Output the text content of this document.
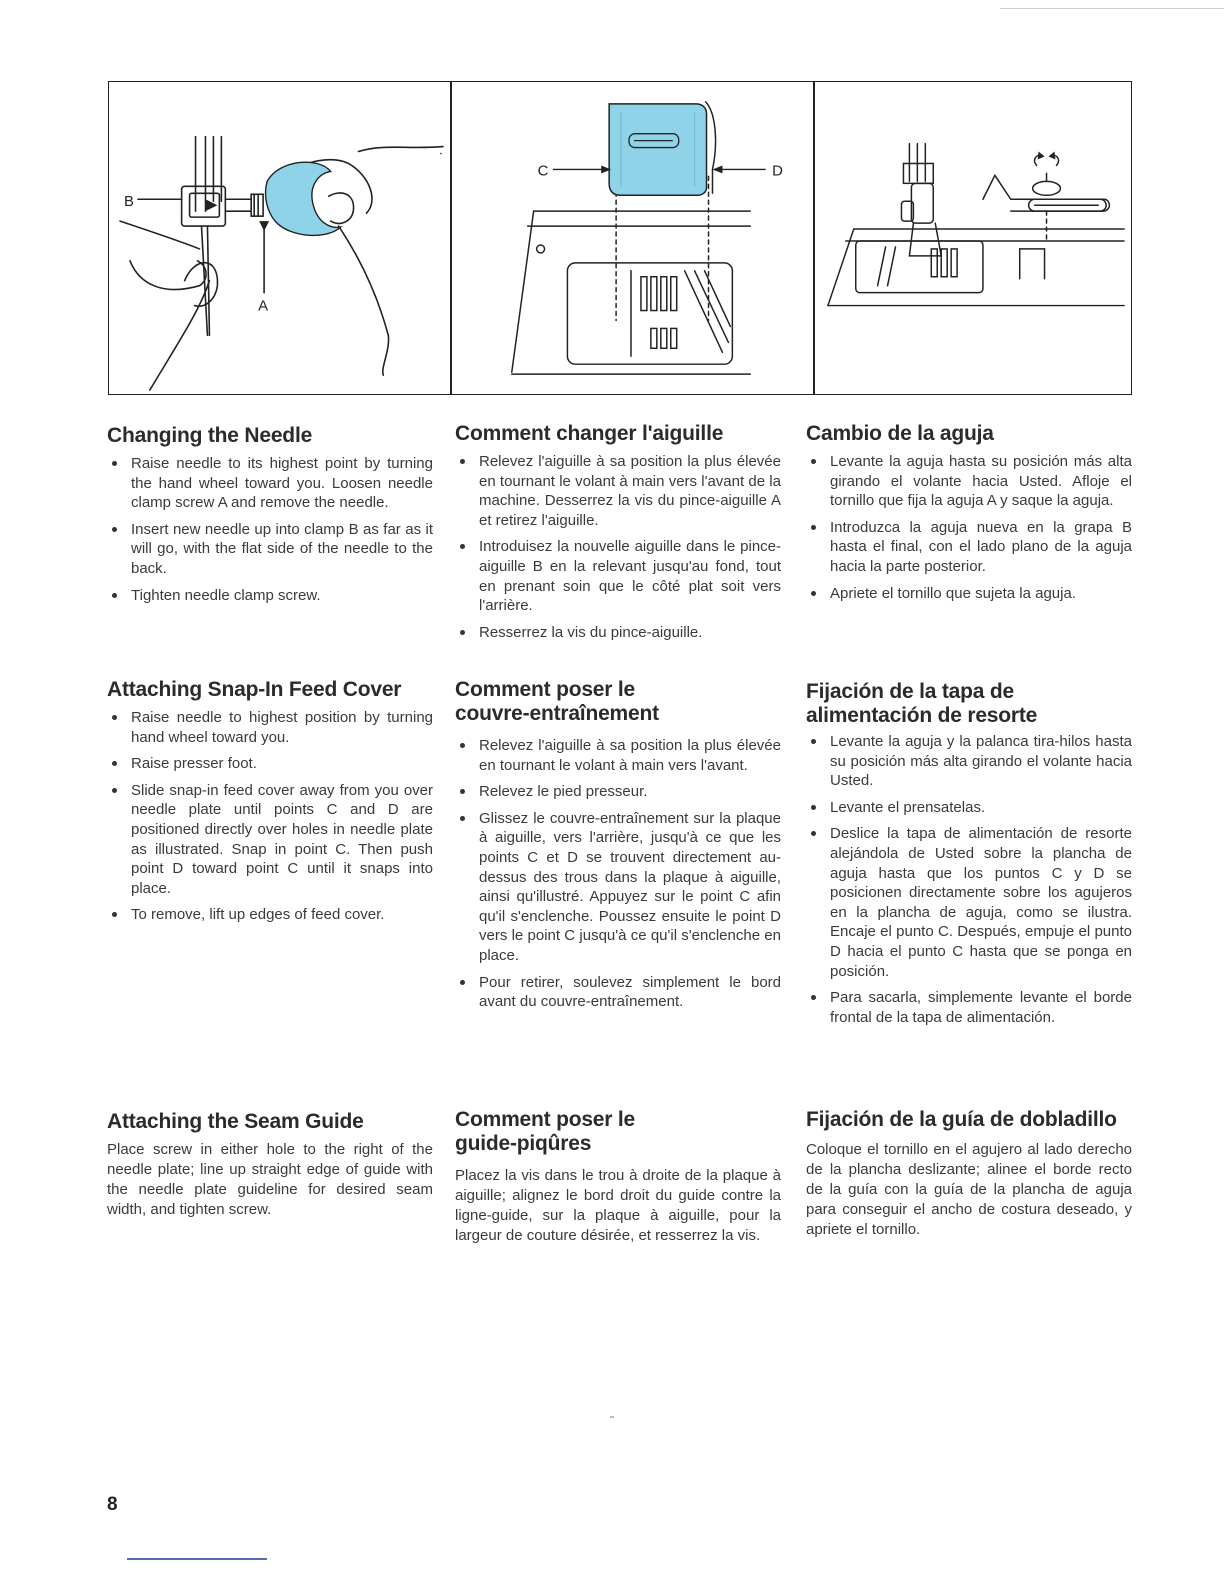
B
A
C	D
Changing the Needle
Raise needle to its highest point by turning the hand wheel toward you. Loosen needle clamp screw A and remove the needle.
Insert new needle up into clamp B as far as it will go, with the flat side of the needle to the back.
Tighten needle clamp screw.
Attaching Snap-In Feed Cover
Raise needle to highest position by turning hand wheel toward you.
Raise presser foot.
Slide snap-in feed cover away from you over needle plate until points C and D are positioned directly over holes in needle plate as illustrated. Snap in point C. Then push point D toward point C until it snaps into place.
To remove, lift up edges of feed cover.
Attaching the Seam Guide

Place screw in either hole to the right of the needle plate; line up straight edge of guide with the needle plate guideline for desired seam width, and tighten screw.

Comment changer l'aiguille
Relevez l'aiguille à sa position la plus élevée en tournant le volant à main vers l'avant de la machine. Desserrez la vis du pince-aiguille A et retirez l'aiguille.
Introduisez la nouvelle aiguille dans le pince-aiguille B en la relevant jusqu'au fond, tout en prenant soin que le côté plat soit vers l'arrière.
Resserrez la vis du pince-aiguille.
Comment poser le
couvre-entraînement
Relevez l'aiguille à sa position la plus élevée en tournant le volant à main vers l'avant.
Relevez le pied presseur.
Glissez le couvre-entraînement sur la plaque à aiguille, vers l'arrière, jusqu'à ce que les points C et D se trouvent directement au-dessus des trous dans la plaque à aiguille, ainsi qu'illustré. Appuyez sur le point C afin qu'il s'enclenche. Poussez ensuite le point D vers le point C jusqu'à ce qu'il s'enclenche en place.
Pour retirer, soulevez simplement le bord avant du couvre-entraînement.
Comment poser le
guide-piqûres

Placez la vis dans le trou à droite de la plaque à aiguille; alignez le bord droit du guide contre la ligne-guide, sur la plaque à aiguille, pour la largeur de couture désirée, et resserrez la vis.

Cambio de la aguja
Levante la aguja hasta su posición más alta girando el volante hacia Usted. Afloje el tornillo que fija la aguja A y saque la aguja.
Introduzca la aguja nueva en la grapa B hasta el final, con el lado plano de la aguja hacia la parte posterior.
Apriete el tornillo que sujeta la aguja.
Fijación de la tapa de
alimentación de resorte
Levante la aguja y la palanca tira-hilos hasta su posición más alta girando el volante hacia Usted.
Levante el prensatelas.
Deslice la tapa de alimentación de resorte alejándola de Usted sobre la plancha de aguja hasta que los puntos C y D se posicionen directamente sobre los agujeros en la plancha de aguja, como se ilustra. Encaje el punto C. Después, empuje el punto D hacia el punto C hasta que se ponga en posición.
Para sacarla, simplemente levante el borde frontal de la tapa de alimentación.
Fijación de la guía de dobladillo

Coloque el tornillo en el agujero al lado derecho de la plancha deslizante; alinee el borde recto de la guía con la guía de la plancha de aguja para conseguir el ancho de costura deseado, y apriete el tornillo.

8
